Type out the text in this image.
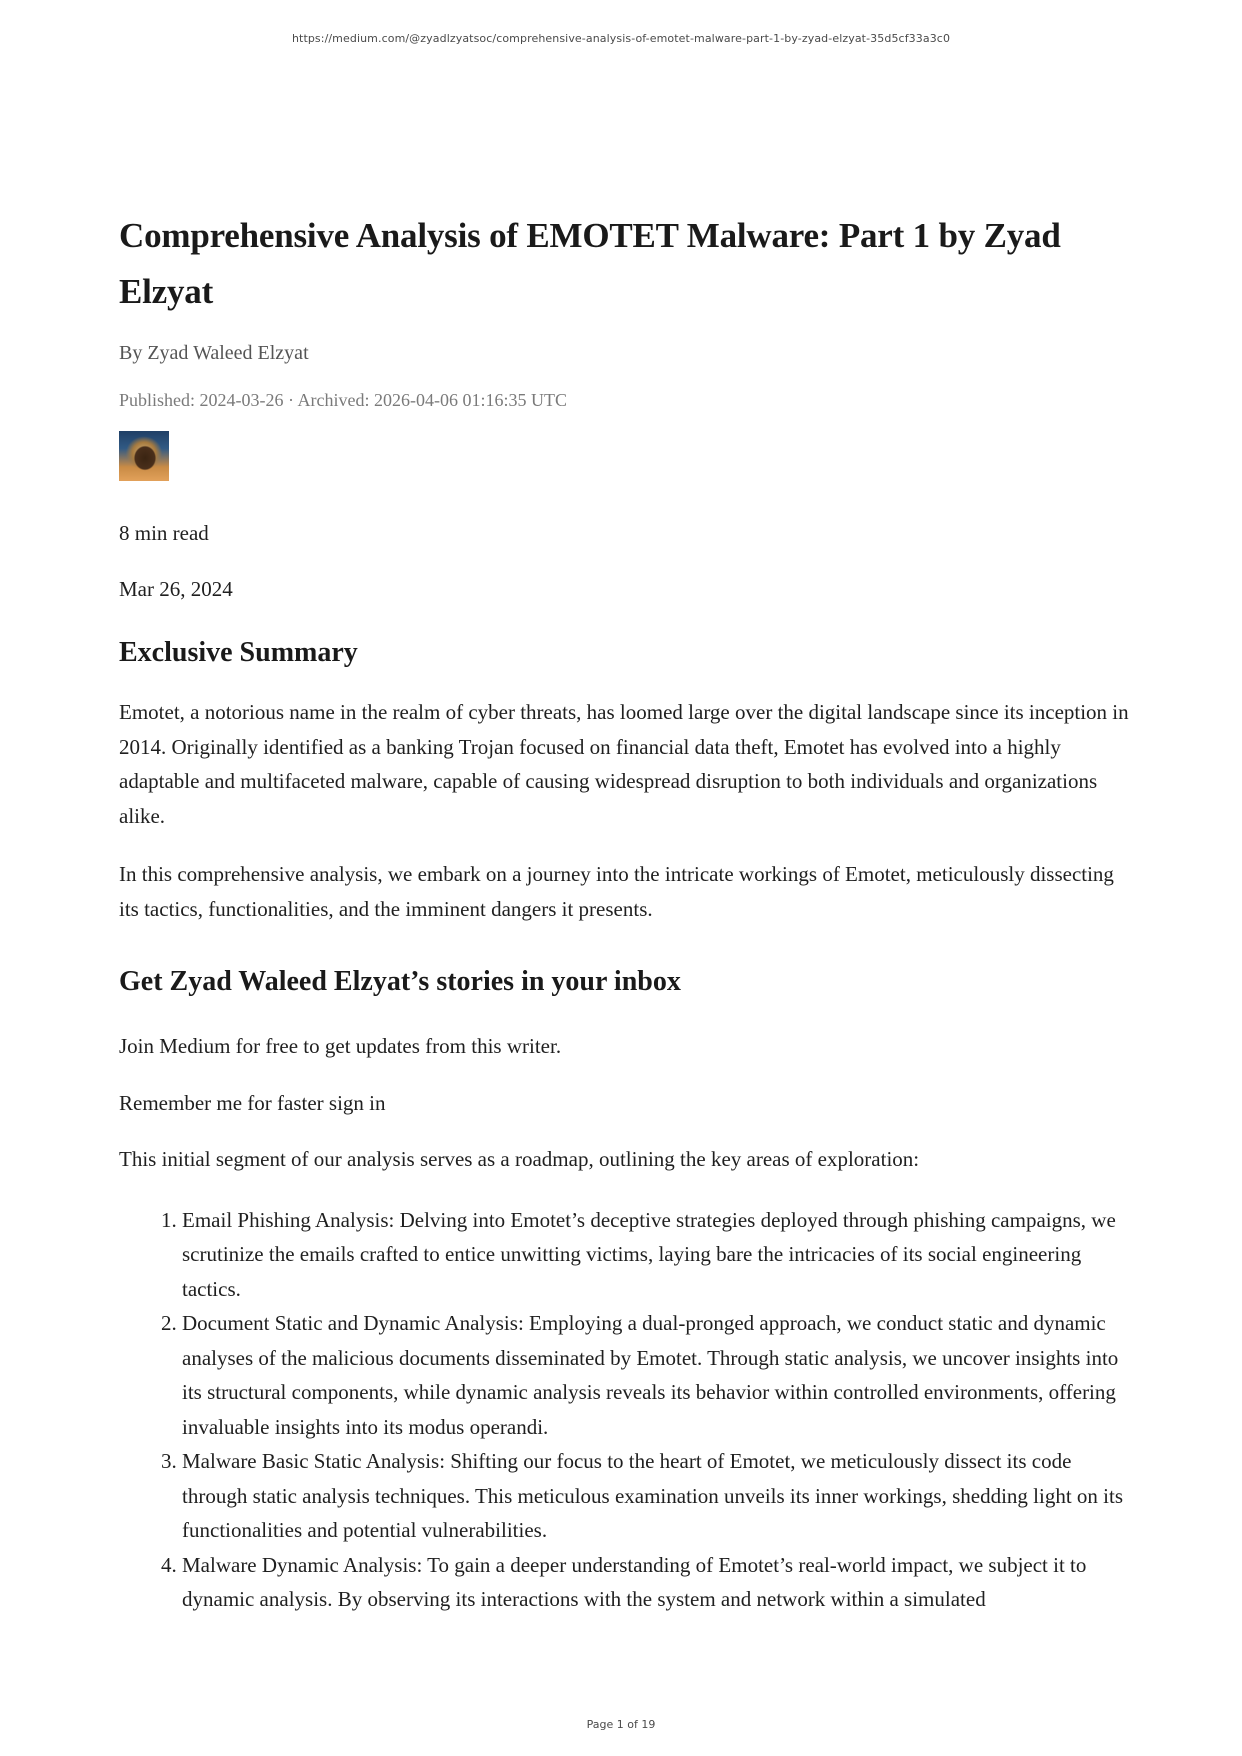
https://medium.com/@zyadlzyatsoc/comprehensive-analysis-of-emotet-malware-part-1-by-zyad-elzyat-35d5cf33a3c0
Comprehensive Analysis of EMOTET Malware: Part 1 by Zyad Elzyat
By Zyad Waleed Elzyat
Published: 2024-03-26 · Archived: 2026-04-06 01:16:35 UTC

8 min read

Mar 26, 2024

Exclusive Summary

Emotet, a notorious name in the realm of cyber threats, has loomed large over the digital landscape since its inception in 2014. Originally identified as a banking Trojan focused on financial data theft, Emotet has evolved into a highly adaptable and multifaceted malware, capable of causing widespread disruption to both individuals and organizations alike.

In this comprehensive analysis, we embark on a journey into the intricate workings of Emotet, meticulously dissecting its tactics, functionalities, and the imminent dangers it presents.

Get Zyad Waleed Elzyat’s stories in your inbox

Join Medium for free to get updates from this writer.

Remember me for faster sign in

This initial segment of our analysis serves as a roadmap, outlining the key areas of exploration:

1. Email Phishing Analysis: Delving into Emotet’s deceptive strategies deployed through phishing campaigns, we scrutinize the emails crafted to entice unwitting victims, laying bare the intricacies of its social engineering tactics.
2. Document Static and Dynamic Analysis: Employing a dual-pronged approach, we conduct static and dynamic analyses of the malicious documents disseminated by Emotet. Through static analysis, we uncover insights into its structural components, while dynamic analysis reveals its behavior within controlled environments, offering invaluable insights into its modus operandi.
3. Malware Basic Static Analysis: Shifting our focus to the heart of Emotet, we meticulously dissect its code through static analysis techniques. This meticulous examination unveils its inner workings, shedding light on its functionalities and potential vulnerabilities.
4. Malware Dynamic Analysis: To gain a deeper understanding of Emotet’s real-world impact, we subject it to dynamic analysis. By observing its interactions with the system and network within a simulated
Page 1 of 19
